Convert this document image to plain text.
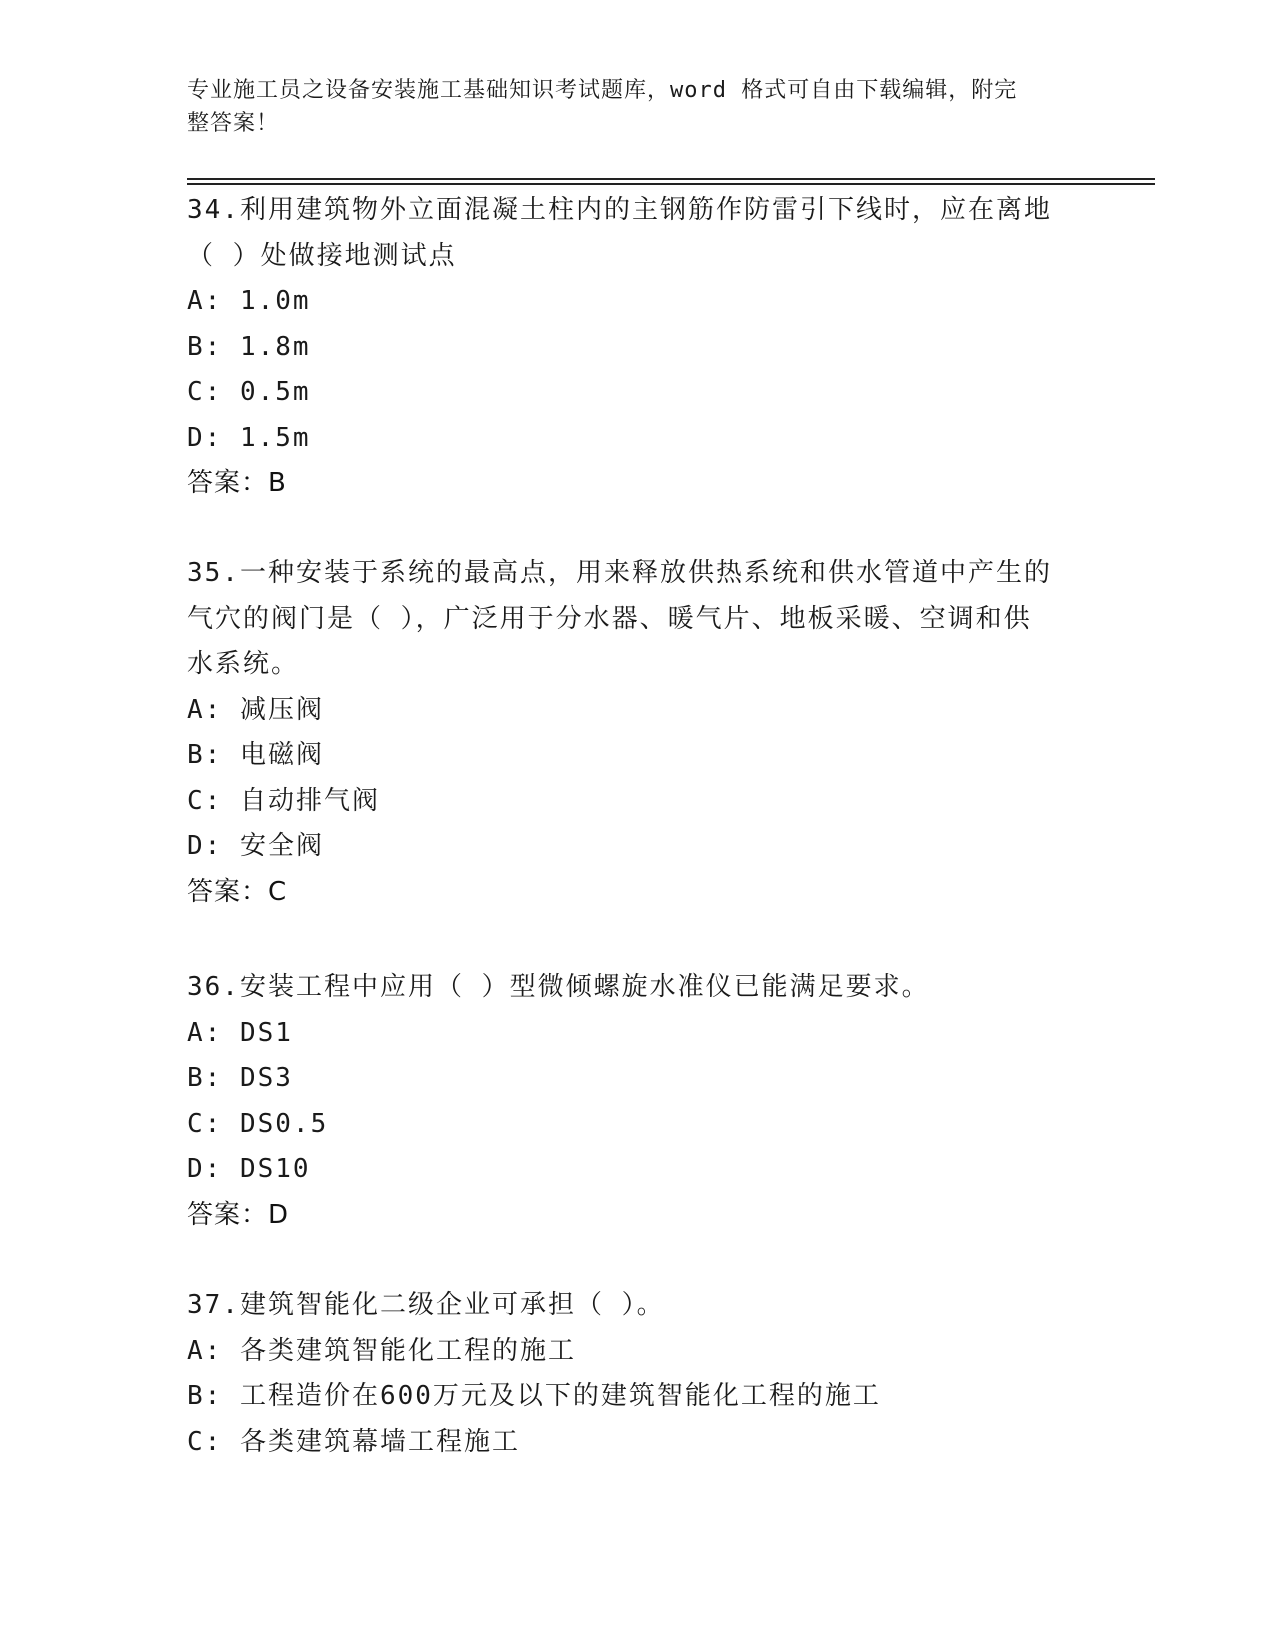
专业施工员之设备安装施工基础知识考试题库，word 格式可自由下载编辑，附完
整答案！
34.利用建筑物外立面混凝土柱内的主钢筋作防雷引下线时，应在离地
（ ）处做接地测试点
A: 1.0m
B: 1.8m
C: 0.5m
D: 1.5m
答案：B
35.一种安装于系统的最高点，用来释放供热系统和供水管道中产生的
气穴的阀门是（ ），广泛用于分水器、暖气片、地板采暖、空调和供
水系统。
A: 减压阀
B: 电磁阀
C: 自动排气阀
D: 安全阀
答案：C
36.安装工程中应用（ ）型微倾螺旋水准仪已能满足要求。
A: DS1
B: DS3
C: DS0.5
D: DS10
答案：D
37.建筑智能化二级企业可承担（ ）。
A: 各类建筑智能化工程的施工
B: 工程造价在600万元及以下的建筑智能化工程的施工
C: 各类建筑幕墙工程施工
